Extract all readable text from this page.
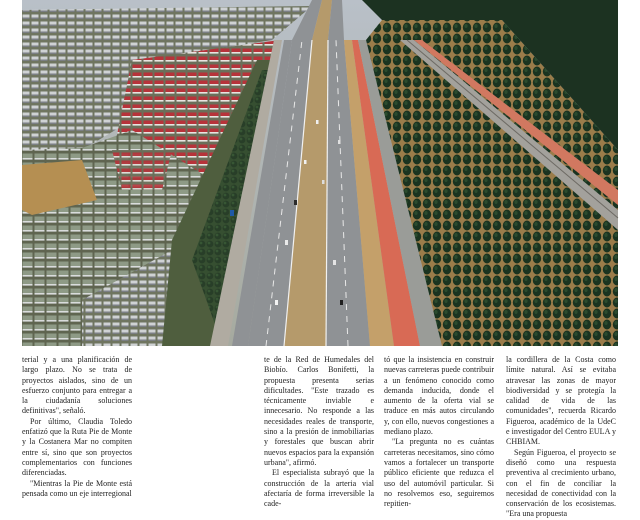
terial y a una planificación de largo plazo. No se trata de proyectos aislados, sino de un esfuerzo conjunto para entregar a la ciudadanía soluciones definitivas", señaló.

Por último, Claudia Toledo enfatizó que la Ruta Pie de Monte y la Costanera Mar no compiten entre sí, sino que son proyectos complementarios con funciones diferenciadas.

"Mientras la Pie de Monte está pensada como un eje interregional

te de la Red de Humedales del Biobío. Carlos Bonifetti, la propuesta presenta serias dificultades. "Este trazado es técnicamente inviable e innecesario. No responde a las necesidades reales de transporte, sino a la presión de inmobiliarias y forestales que buscan abrir nuevos espacios para la expansión urbana", afirmó.

El especialista subrayó que la construcción de la arteria vial afectaría de forma irreversible la cade-

tó que la insistencia en construir nuevas carreteras puede contribuir a un fenómeno conocido como demanda inducida, donde el aumento de la oferta vial se traduce en más autos circulando y, con ello, nuevos congestiones a mediano plazo.

"La pregunta no es cuántas carreteras necesitamos, sino cómo vamos a fortalecer un transporte público eficiente que reduzca el uso del automóvil particular. Si no resolvemos eso, seguiremos repitien-

la cordillera de la Costa como límite natural. Así se evitaba atravesar las zonas de mayor biodiversidad y se protegía la calidad de vida de las comunidades", recuerda Ricardo Figueroa, académico de la UdeC e investigador del Centro EULA y CHBIAM.

Según Figueroa, el proyecto se diseñó como una respuesta preventiva al crecimiento urbano, con el fin de conciliar la necesidad de conectividad con la conservación de los ecosistemas. "Era una propuesta
